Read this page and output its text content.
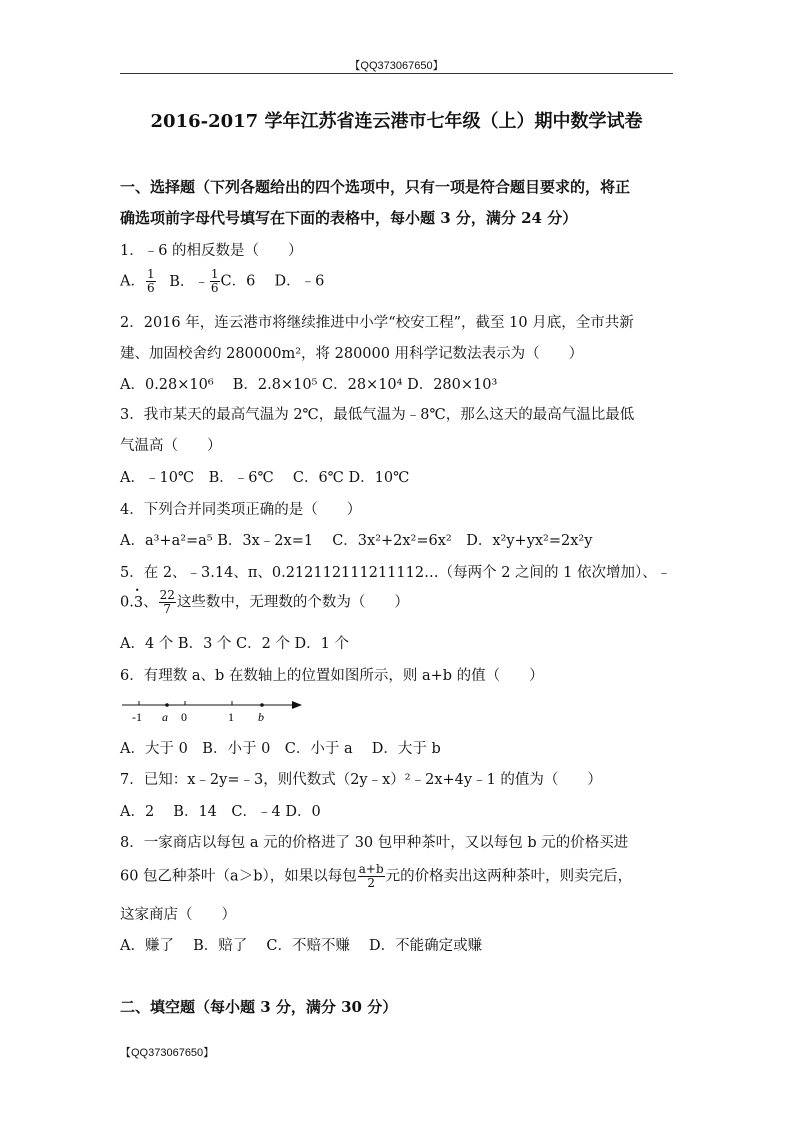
【QQ373067650】
2016-2017 学年江苏省连云港市七年级（上）期中数学试卷
一、选择题（下列各题给出的四个选项中，只有一项是符合题目要求的，将正
确选项前字母代号填写在下面的表格中，每小题 3 分，满分 24 分）
1．﹣6 的相反数是（　　）
A． $\frac{1}{6}$ B．﹣ $\frac{1}{6}$ C．6　 D．﹣6
2．2016 年，连云港市将继续推进中小学“校安工程”，截至 10 月底，全市共新
建、加固校舍约 280000m²，将 280000 用科学记数法表示为（　　）
A．0.28×10⁶　 B．2.8×10⁵ C．28×10⁴ D．280×10³
3．我市某天的最高气温为 2℃，最低气温为﹣8℃，那么这天的最高气温比最低
气温高（　　）
A．﹣10℃　B．﹣6℃　 C．6℃ D．10℃
4．下列合并同类项正确的是（　　）
A．a³+a²=a⁵ B．3x﹣2x=1　 C．3x²+2x²=6x²　D．x²y+yx²=2x²y
5．在 2、﹣3.14、π、0.212112111211112…（每两个 2 之间的 1 依次增加）、﹣
0.• 3、 $\frac{22}{7}$ 这些数中，无理数的个数为（　　）
A．4 个 B．3 个 C．2 个 D．1 个
6．有理数 a、b 在数轴上的位置如图所示，则 a+b 的值（　　）
-1 a 0	1 b
A．大于 0　B．小于 0　C．小于 a　 D．大于 b
7．已知：x﹣2y=﹣3，则代数式（2y﹣x）²﹣2x+4y﹣1 的值为（　　）
A．2　 B．14　C．﹣4 D．0
8．一家商店以每包 a 元的价格进了 30 包甲种茶叶，又以每包 b 元的价格买进
60 包乙种茶叶（a＞b），如果以每包 $\frac{a+b}{2}$ 元的价格卖出这两种茶叶，则卖完后，
这家商店（　　）
A．赚了　 B．赔了　 C．不赔不赚　 D．不能确定或赚
二、填空题（每小题 3 分，满分 30 分）
【QQ373067650】
